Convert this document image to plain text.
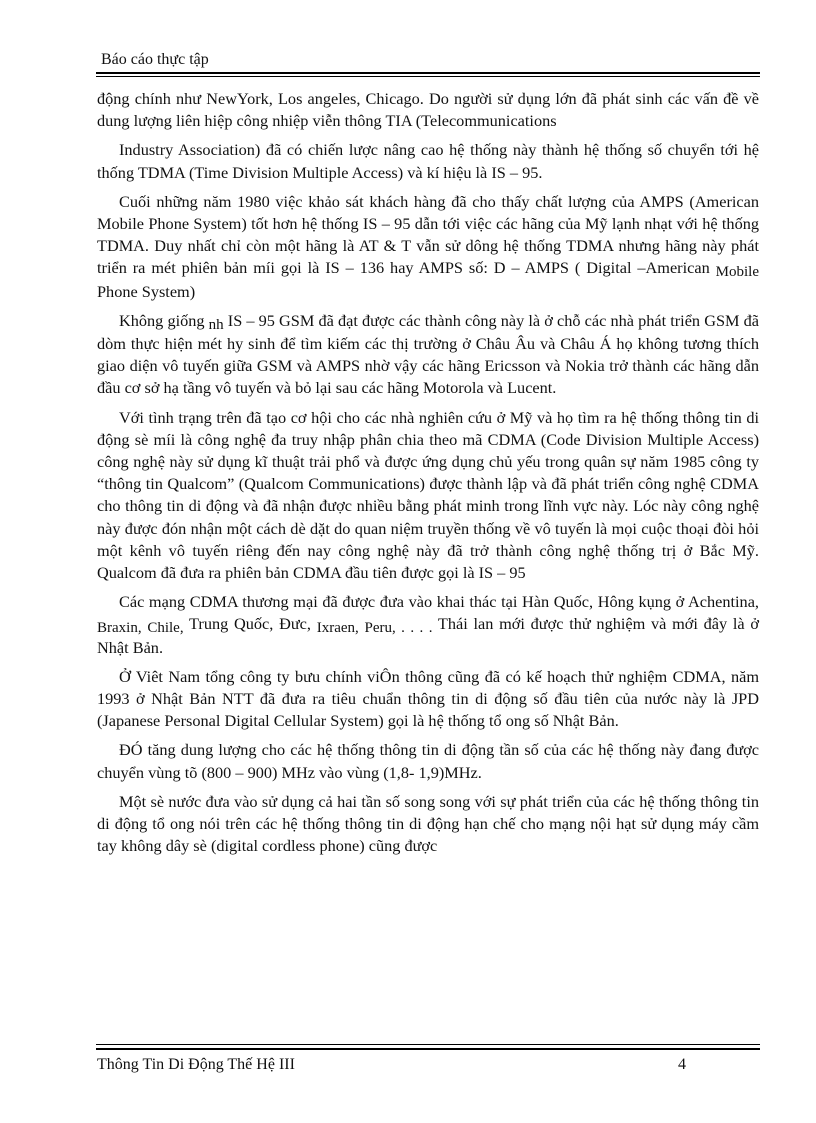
Báo cáo thực tập

động chính như NewYork, Los angeles, Chicago. Do người sử dụng lớn đã phát sinh các vấn đề về dung lượng liên hiệp công nhiệp viễn thông TIA (Telecommunications

Industry Association) đã có chiến lược nâng cao hệ thống này thành hệ thống số chuyển tới hệ thống TDMA (Time Division Multiple Access) và kí hiệu là IS – 95.

Cuối những năm 1980 việc khảo sát khách hàng đã cho thấy chất lượng của AMPS (American Mobile Phone System) tốt hơn hệ thống IS – 95 dẫn tới việc các hãng của Mỹ lạnh nhạt với hệ thống TDMA. Duy nhất chỉ còn một hãng là AT & T vẫn sử dông hệ thống TDMA nhưng hãng này phát triển ra mét phiên bản míi gọi là IS – 136 hay AMPS số: D – AMPS ( Digital –American Mobile Phone System)

Không giống nh IS – 95 GSM đã đạt được các thành công này là ở chỗ các nhà phát triển GSM đã dòm thực hiện mét hy sinh để tìm kiếm các thị trường ở Châu Âu và Châu Á họ không tương thích giao diện vô tuyến giữa GSM và AMPS nhờ vậy các hãng Ericsson và Nokia trở thành các hãng dẫn đầu cơ sở hạ tầng vô tuyến và bỏ lại sau các hãng Motorola và Lucent.

Với tình trạng trên đã tạo cơ hội cho các nhà nghiên cứu ở Mỹ và họ tìm ra hệ thống thông tin di động sè míi là công nghệ đa truy nhập phân chia theo mã CDMA (Code Division Multiple Access) công nghệ này sử dụng kĩ thuật trải phổ và được ứng dụng chủ yếu trong quân sự năm 1985 công ty “thông tin Qualcom” (Qualcom Communications) được thành lập và đã phát triển công nghệ CDMA cho thông tin di động và đã nhận được nhiều bằng phát minh trong lĩnh vực này. Lóc này công nghệ này được đón nhận một cách dè dặt do quan niệm truyền thống về vô tuyến là mọi cuộc thoại đòi hỏi một kênh vô tuyến riêng đến nay công nghệ này đã trở thành công nghệ thống trị ở Bắc Mỹ. Qualcom đã đưa ra phiên bản CDMA đầu tiên được gọi là IS – 95

Các mạng CDMA thương mại đã được đưa vào khai thác tại Hàn Quốc, Hông kụng ở Achentina, Braxin, Chile, Trung Quốc, Đưc, Ixraen, Peru, . . . . Thái lan mới được thử nghiệm và mới đây là ở Nhật Bản.

Ở Viêt Nam tổng công ty bưu chính viÔn thông cũng đã có kế hoạch thử nghiệm CDMA, năm 1993 ở Nhật Bản NTT đã đưa ra tiêu chuẩn thông tin di động số đầu tiên của nước này là JPD (Japanese Personal Digital Cellular System) gọi là hệ thống tổ ong số Nhật Bản.

ĐÓ tăng dung lượng cho các hệ thống thông tin di động tần số của các hệ thống này đang được chuyển vùng tõ (800 – 900) MHz vào vùng (1,8- 1,9)MHz.

Một sè nước đưa vào sử dụng cả hai tần số song song với sự phát triển của các hệ thống thông tin di động tổ ong nói trên các hệ thống thông tin di động hạn chế cho mạng nội hạt sử dụng máy cầm tay không dây sè (digital cordless phone) cũng được

Thông Tin Di Động Thế Hệ III	4
